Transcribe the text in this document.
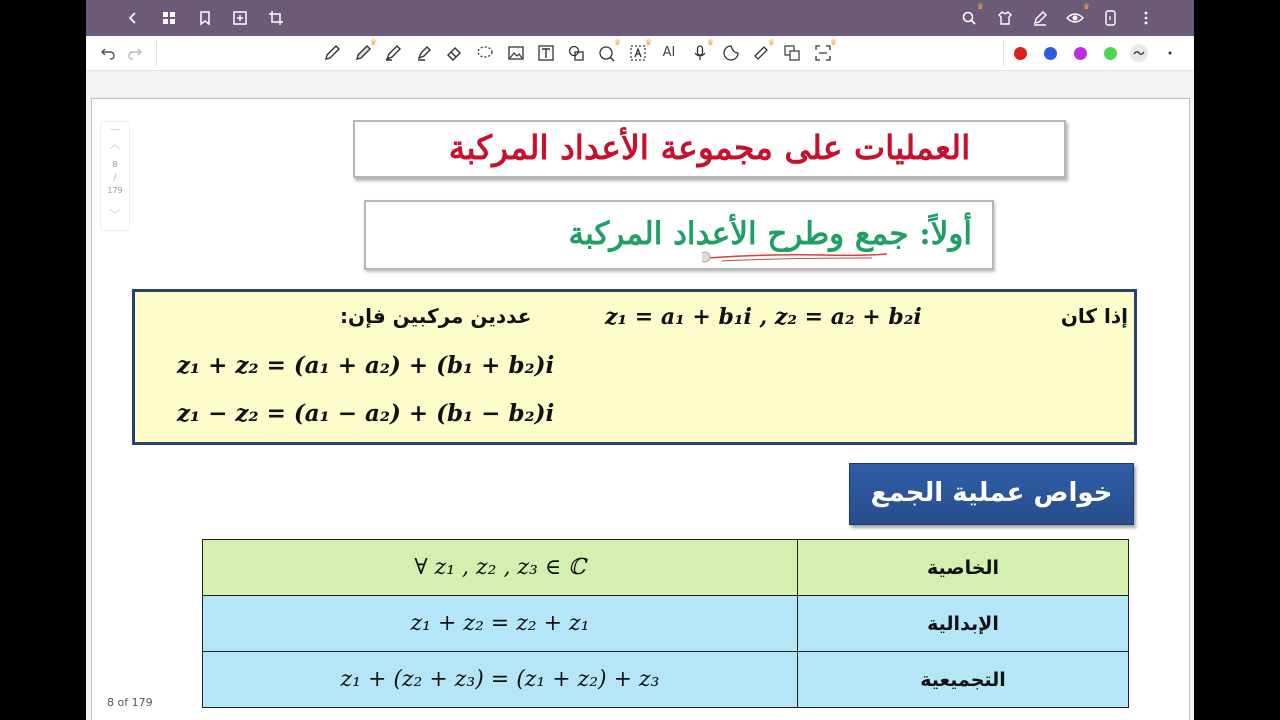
♛	♛
♛	♛	♛
AI
♛	♛	♛
—
︿
8
/
179
﹀
العمليات على مجموعة الأعداد المركبة
أولاً: جمع وطرح الأعداد المركبة
إذا كان
z₁ = a₁ + b₁i , z₂ = a₂ + b₂i
عددين مركبين فإن:
z₁ + z₂ = (a₁ + a₂) + (b₁ + b₂)i
z₁ − z₂ = (a₁ − a₂) + (b₁ − b₂)i
خواص عملية الجمع
∀ z₁ , z₂ , z₃ ∈ ℂ	الخاصية
z₁ + z₂ = z₂ + z₁	الإبدالية
z₁ + (z₂ + z₃) = (z₁ + z₂) + z₃	التجميعية
8 of 179
